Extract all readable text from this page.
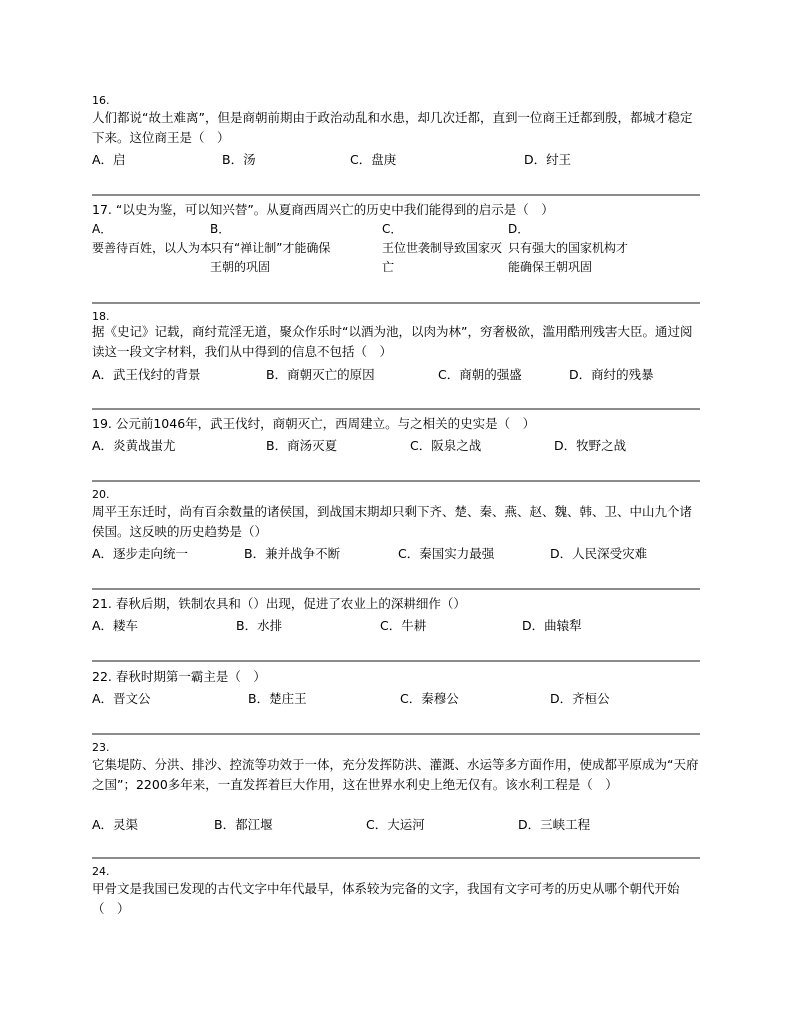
16.
人们都说“故土难离”，但是商朝前期由于政治动乱和水患，却几次迁都，直到一位商王迁都到殷，都城才稳定下来。这位商王是（　）
A．启	B．汤	C．盘庚	D．纣王
17. “以史为鉴，可以知兴替”。从夏商西周兴亡的历史中我们能得到的启示是（　）
A．
要善待百姓，以人为本
B．
只有“禅让制”才能确保王朝的巩固
C．
王位世袭制导致国家灭亡
D．
只有强大的国家机构才能确保王朝巩固
18.
据《史记》记载，商纣荒淫无道，聚众作乐时“以酒为池，以肉为林”，穷奢极欲，滥用酷刑残害大臣。通过阅读这一段文字材料，我们从中得到的信息不包括（　）
A．武王伐纣的背景	B．商朝灭亡的原因	C．商朝的强盛	D．商纣的残暴
19. 公元前1046年，武王伐纣，商朝灭亡，西周建立。与之相关的史实是（　）
A．炎黄战蚩尤	B．商汤灭夏	C．阪泉之战	D．牧野之战
20.
周平王东迁时，尚有百余数量的诸侯国，到战国末期却只剩下齐、楚、秦、燕、赵、魏、韩、卫、中山九个诸侯国。这反映的历史趋势是（）
A．逐步走向统一	B．兼并战争不断	C．秦国实力最强	D．人民深受灾难
21. 春秋后期，铁制农具和（）出现，促进了农业上的深耕细作（）
A．耧车	B．水排	C．牛耕	D．曲辕犁
22. 春秋时期第一霸主是（　）
A．晋文公	B．楚庄王	C．秦穆公	D．齐桓公
23.
它集堤防、分洪、排沙、控流等功效于一体，充分发挥防洪、灌溉、水运等多方面作用，使成都平原成为“天府之国”；2200多年来，一直发挥着巨大作用，这在世界水利史上绝无仅有。该水利工程是（　）
A．灵渠	B．都江堰	C．大运河	D．三峡工程
24.
甲骨文是我国已发现的古代文字中年代最早，体系较为完备的文字，我国有文字可考的历史从哪个朝代开始（　）
